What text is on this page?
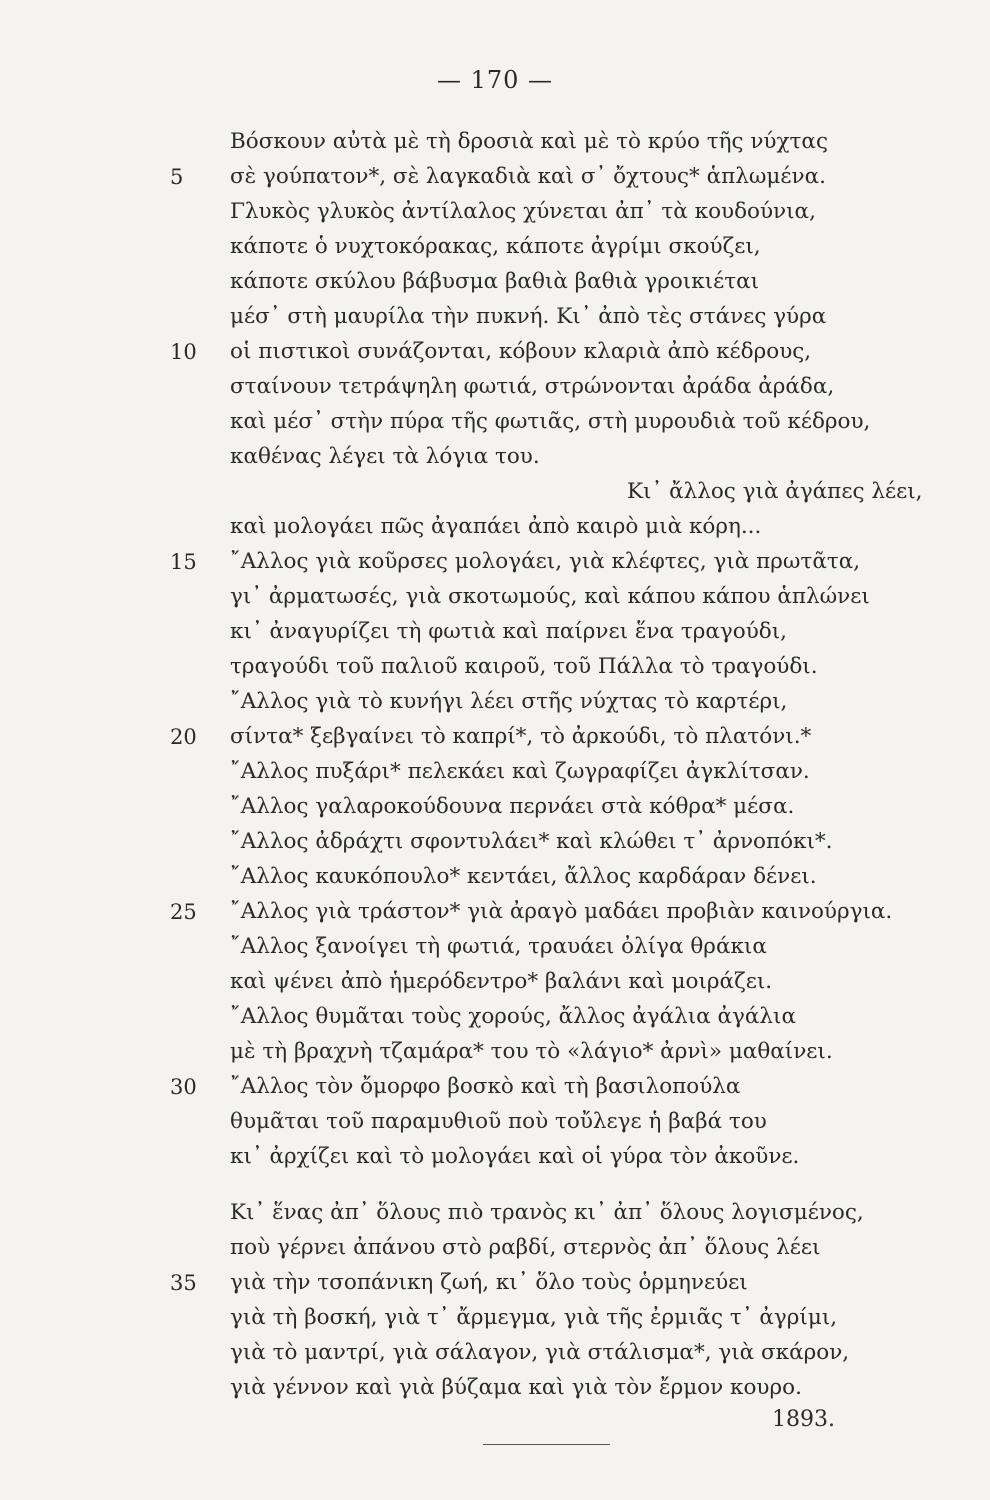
— 170 —
Βόσκουν αὐτὰ μὲ τὴ δροσιὰ καὶ μὲ τὸ κρύο τῆς νύχτας
σὲ γούπατον*, σὲ λαγκαδιὰ καὶ σ᾽ ὄχτους* ἁπλωμένα.
Γλυκὸς γλυκὸς ἀντίλαλος χύνεται ἀπ᾽ τὰ κουδούνια,
κάποτε ὁ νυχτοκόρακας, κάποτε ἀγρίμι σκούζει,
κάποτε σκύλου βάβυσμα βαθιὰ βαθιὰ γροικιέται
μέσ᾽ στὴ μαυρίλα τὴν πυκνή. Κι᾽ ἀπὸ τὲς στάνες γύρα
οἱ πιστικοὶ συνάζονται, κόβουν κλαριὰ ἀπὸ κέδρους,
σταίνουν τετράψηλη φωτιά, στρώνονται ἀράδα ἀράδα,
καὶ μέσ᾽ στὴν πύρα τῆς φωτιᾶς, στὴ μυρουδιὰ τοῦ κέδρου,
καθένας λέγει τὰ λόγια του.
Κι᾽ ἄλλος γιὰ ἀγάπες λέει,
καὶ μολογάει πῶς ἀγαπάει ἀπὸ καιρὸ μιὰ κόρη...
῎Αλλος γιὰ κοῦρσες μολογάει, γιὰ κλέφτες, γιὰ πρωτᾶτα,
γι᾽ ἀρματωσές, γιὰ σκοτωμούς, καὶ κάπου κάπου ἁπλώνει
κι᾽ ἀναγυρίζει τὴ φωτιὰ καὶ παίρνει ἕνα τραγούδι,
τραγούδι τοῦ παλιοῦ καιροῦ, τοῦ Πάλλα τὸ τραγούδι.
῎Αλλος γιὰ τὸ κυνήγι λέει στῆς νύχτας τὸ καρτέρι,
σίντα* ξεβγαίνει τὸ καπρί*, τὸ ἀρκούδι, τὸ πλατόνι.*
῎Αλλος πυξάρι* πελεκάει καὶ ζωγραφίζει ἀγκλίτσαν.
῎Αλλος γαλαροκούδουνα περνάει στὰ κόθρα* μέσα.
῎Αλλος ἀδράχτι σφοντυλάει* καὶ κλώθει τ᾽ ἀρνοπόκι*.
῎Αλλος καυκόπουλο* κεντάει, ἄλλος καρδάραν δένει.
῎Αλλος γιὰ τράστον* γιὰ ἀραγὸ μαδάει προβιὰν καινούργια.
῎Αλλος ξανοίγει τὴ φωτιά, τραυάει ὀλίγα θράκια
καὶ ψένει ἀπὸ ἡμερόδεντρο* βαλάνι καὶ μοιράζει.
῎Αλλος θυμᾶται τοὺς χορούς, ἄλλος ἀγάλια ἀγάλια
μὲ τὴ βραχνὴ τζαμάρα* του τὸ «λάγιο* ἀρνὶ» μαθαίνει.
῎Αλλος τὸν ὄμορφο βοσκὸ καὶ τὴ βασιλοπούλα
θυμᾶται τοῦ παραμυθιοῦ ποὺ τοὔλεγε ἡ βαβά του
κι᾽ ἀρχίζει καὶ τὸ μολογάει καὶ οἱ γύρα τὸν ἀκοῦνε.
Κι᾽ ἕνας ἀπ᾽ ὅλους πιὸ τρανὸς κι᾽ ἀπ᾽ ὅλους λογισμένος,
ποὺ γέρνει ἀπάνου στὸ ραβδί, στερνὸς ἀπ᾽ ὅλους λέει
γιὰ τὴν τσοπάνικη ζωή, κι᾽ ὅλο τοὺς ὁρμηνεύει
γιὰ τὴ βοσκή, γιὰ τ᾽ ἄρμεγμα, γιὰ τῆς ἐρμιᾶς τ᾽ ἀγρίμι,
γιὰ τὸ μαντρί, γιὰ σάλαγον, γιὰ στάλισμα*, γιὰ σκάρον,
γιὰ γέννον καὶ γιὰ βύζαμα καὶ γιὰ τὸν ἔρμον κουρο.
5
10
15
20
25
30
35
1893.
